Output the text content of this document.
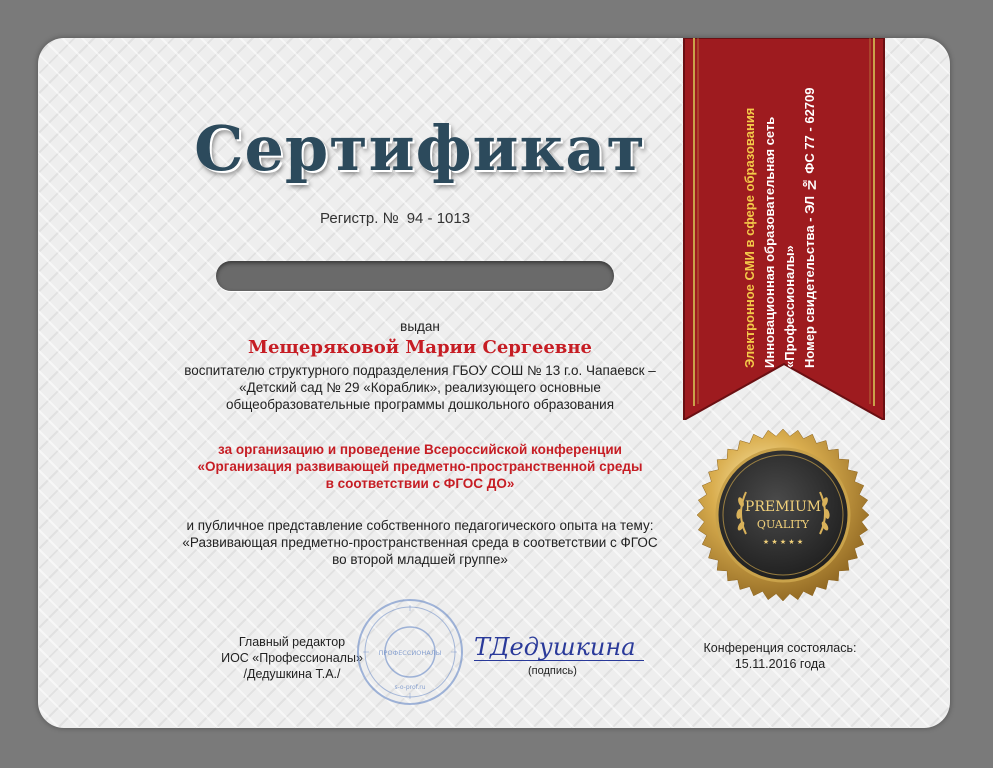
Сертификат
Регистр. № 94 - 1013
выдан
Мещеряковой Марии Сергеевне
воспитателю структурного подразделения ГБОУ СОШ № 13 г.о. Чапаевск – «Детский сад № 29 «Кораблик», реализующего основные общеобразовательные программы дошкольного образования
за организацию и проведение Всероссийской конференции
«Организация развивающей предметно-пространственной среды
в соответствии с ФГОС ДО»
и публичное представление собственного педагогического опыта на тему:
«Развивающая предметно-пространственная среда в соответствии с ФГОС
во второй младшей группе»
Главный редактор
ИОС «Профессионалы»
/Дедушкина Т.А./
ПРОФЕССИОНАЛЫ
s-o-prof.ru
ТДедушкина
(подпись)
Конференция состоялась:
15.11.2016 года
Электронное СМИ в сфере образования Инновационная образовательная сеть «Профессионалы» Номер свидетельства - ЭЛ № ФС 77 - 62709
PREMIUM
QUALITY
★ ★ ★ ★ ★
